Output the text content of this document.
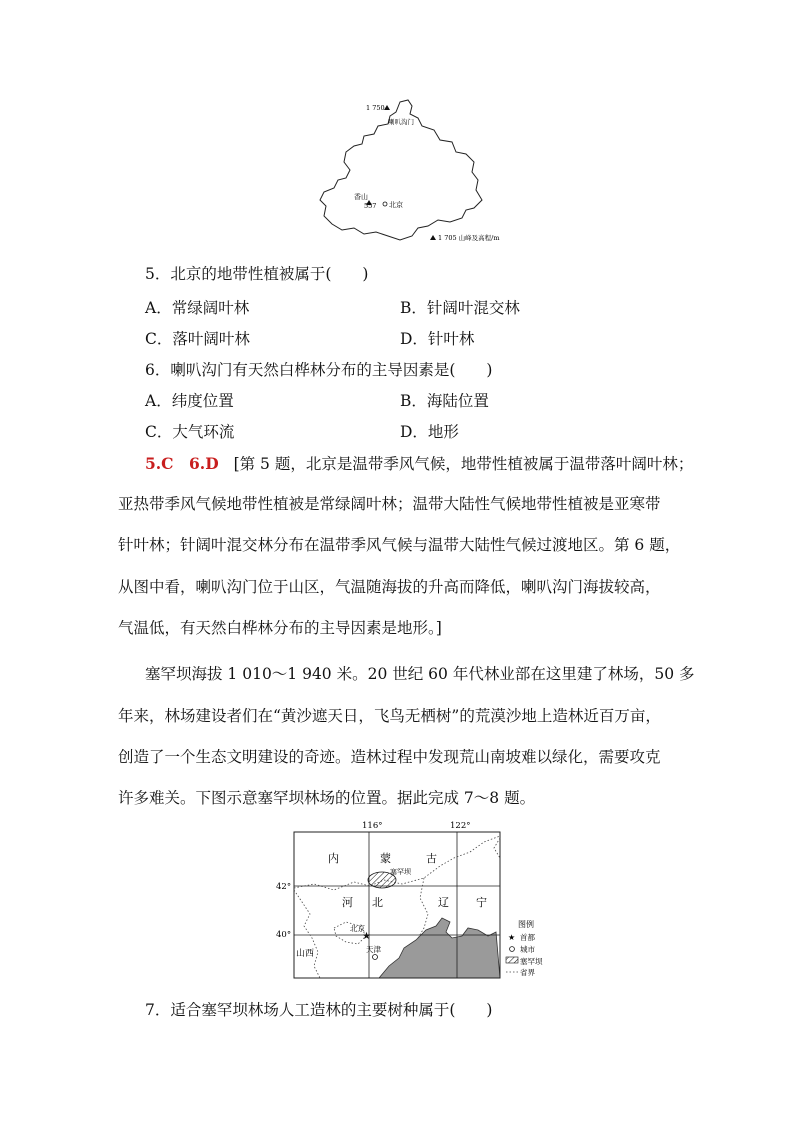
1 750
喇叭沟门
香山
557 北京
1 705 山峰及高程/m
5．北京的地带性植被属于(　　)
A．常绿阔叶林	B．针阔叶混交林
C．落叶阔叶林	D．针叶林
6．喇叭沟门有天然白桦林分布的主导因素是(　　)
A．纬度位置	B．海陆位置
C．大气环流	D．地形
5.C　6.D [第 5 题，北京是温带季风气候，地带性植被属于温带落叶阔叶林；
亚热带季风气候地带性植被是常绿阔叶林；温带大陆性气候地带性植被是亚寒带
针叶林；针阔叶混交林分布在温带季风气候与温带大陆性气候过渡地区。第 6 题，
从图中看，喇叭沟门位于山区，气温随海拔的升高而降低，喇叭沟门海拔较高，
气温低，有天然白桦林分布的主导因素是地形。]
塞罕坝海拔 1 010～1 940 米。20 世纪 60 年代林业部在这里建了林场，50 多
年来，林场建设者们在“黄沙遮天日，飞鸟无栖树”的荒漠沙地上造林近百万亩，
创造了一个生态文明建设的奇迹。造林过程中发现荒山南坡难以绿化，需要攻克
许多难关。下图示意塞罕坝林场的位置。据此完成 7～8 题。
116°	122°
42°
40°
内	蒙	古
塞罕坝
河 北	辽 宁
山西
北京
★
天津
图例
★ 首都
城市
塞罕坝
省界
7．适合塞罕坝林场人工造林的主要树种属于(　　)
